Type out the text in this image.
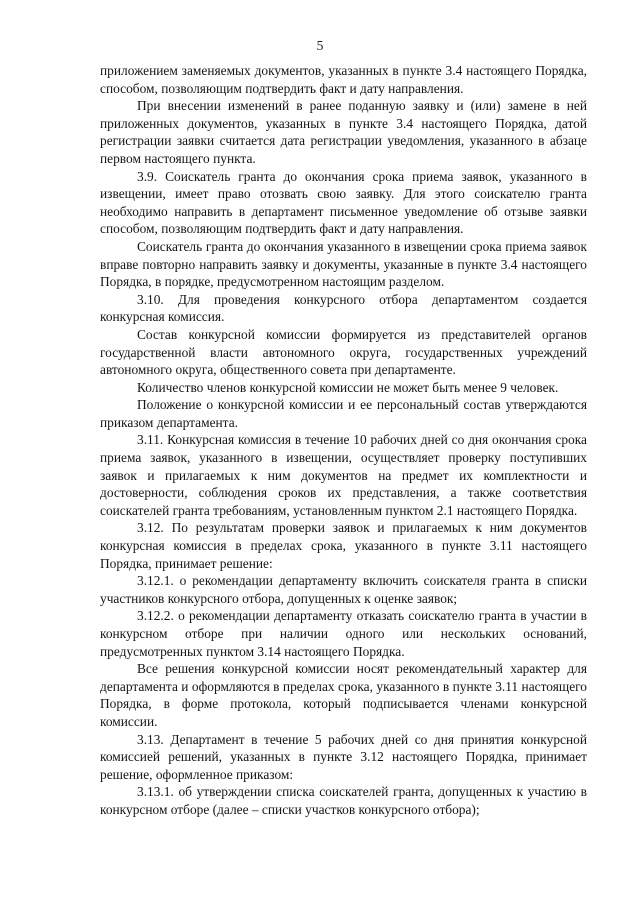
5

приложением заменяемых документов, указанных в пункте 3.4 настоящего Порядка, способом, позволяющим подтвердить факт и дату направления.

При внесении изменений в ранее поданную заявку и (или) замене в ней приложенных документов, указанных в пункте 3.4 настоящего Порядка, датой регистрации заявки считается дата регистрации уведомления, указанного в абзаце первом настоящего пункта.

3.9. Соискатель гранта до окончания срока приема заявок, указанного в извещении, имеет право отозвать свою заявку. Для этого соискателю гранта необходимо направить в департамент письменное уведомление об отзыве заявки способом, позволяющим подтвердить факт и дату направления.

Соискатель гранта до окончания указанного в извещении срока приема заявок вправе повторно направить заявку и документы, указанные в пункте 3.4 настоящего Порядка, в порядке, предусмотренном настоящим разделом.

3.10. Для проведения конкурсного отбора департаментом создается конкурсная комиссия.

Состав конкурсной комиссии формируется из представителей органов государственной власти автономного округа, государственных учреждений автономного округа, общественного совета при департаменте.

Количество членов конкурсной комиссии не может быть менее 9 человек.

Положение о конкурсной комиссии и ее персональный состав утверждаются приказом департамента.

3.11. Конкурсная комиссия в течение 10 рабочих дней со дня окончания срока приема заявок, указанного в извещении, осуществляет проверку поступивших заявок и прилагаемых к ним документов на предмет их комплектности и достоверности, соблюдения сроков их представления, а также соответствия соискателей гранта требованиям, установленным пунктом 2.1 настоящего Порядка.

3.12. По результатам проверки заявок и прилагаемых к ним документов конкурсная комиссия в пределах срока, указанного в пункте 3.11 настоящего Порядка, принимает решение:

3.12.1. о рекомендации департаменту включить соискателя гранта в списки участников конкурсного отбора, допущенных к оценке заявок;

3.12.2. о рекомендации департаменту отказать соискателю гранта в участии в конкурсном отборе при наличии одного или нескольких оснований, предусмотренных пунктом 3.14 настоящего Порядка.

Все решения конкурсной комиссии носят рекомендательный характер для департамента и оформляются в пределах срока, указанного в пункте 3.11 настоящего Порядка, в форме протокола, который подписывается членами конкурсной комиссии.

3.13. Департамент в течение 5 рабочих дней со дня принятия конкурсной комиссией решений, указанных в пункте 3.12 настоящего Порядка, принимает решение, оформленное приказом:

3.13.1. об утверждении списка соискателей гранта, допущенных к участию в конкурсном отборе (далее – списки участков конкурсного отбора);
